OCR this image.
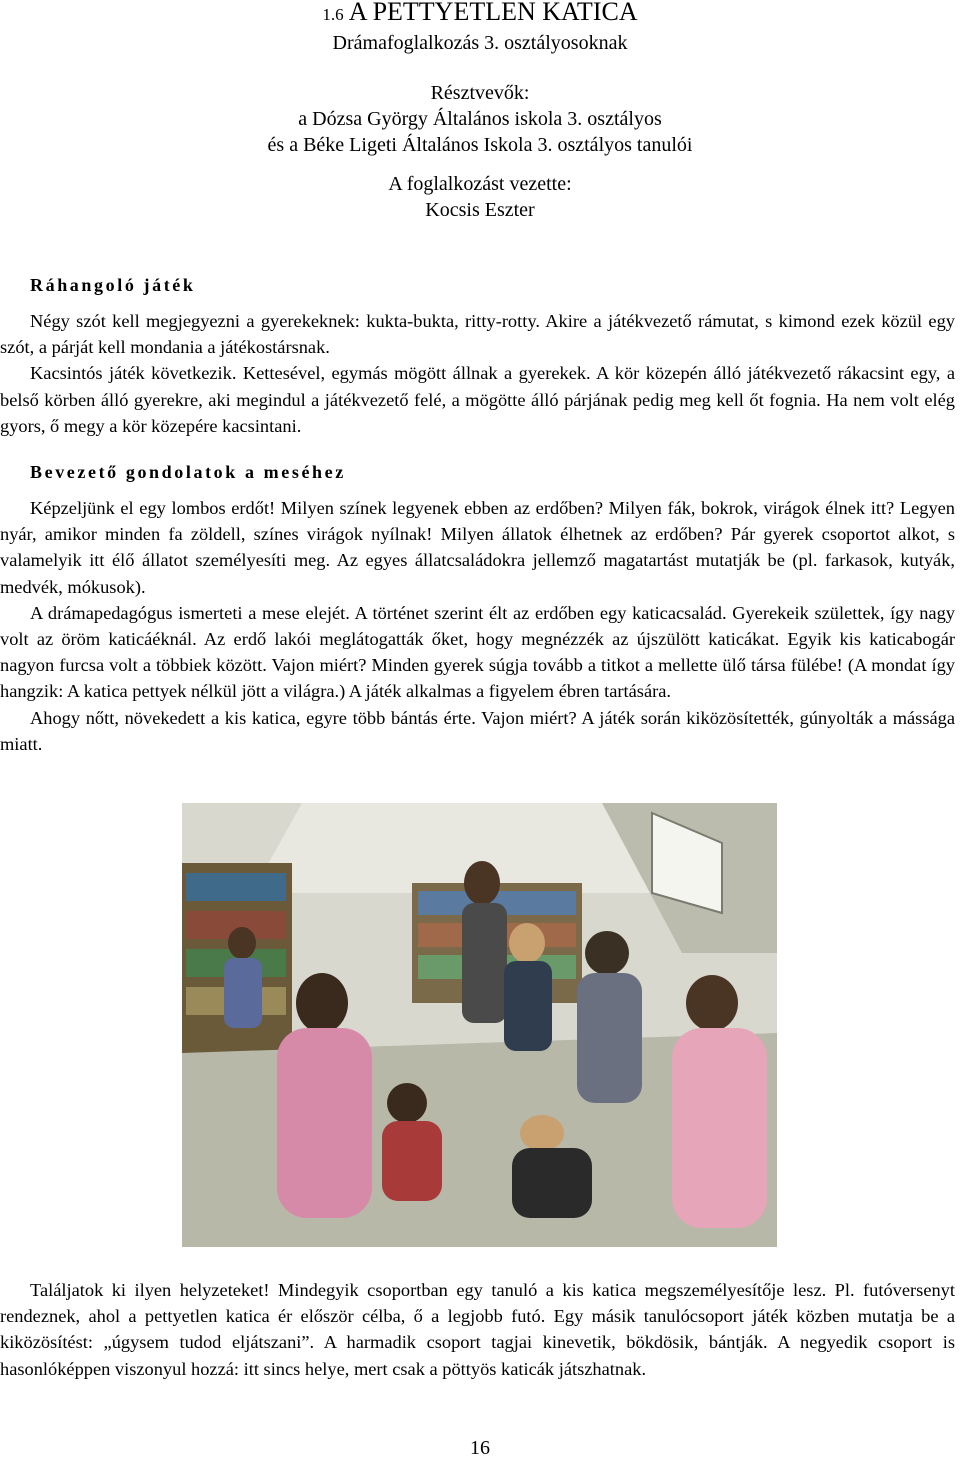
1.6 A PETTYETLEN KATICA
Drámafoglalkozás 3. osztályosoknak
Résztvevők:
a Dózsa György Általános iskola 3. osztályos
és a Béke Ligeti Általános Iskola 3. osztályos tanulói
A foglalkozást vezette:
Kocsis Eszter
Ráhangoló játék

Négy szót kell megjegyezni a gyerekeknek: kukta-bukta, ritty-rotty. Akire a játékvezető rámutat, s kimond ezek közül egy szót, a párját kell mondania a játékostársnak.

Kacsintós játék következik. Kettesével, egymás mögött állnak a gyerekek. A kör közepén álló játékvezető rákacsint egy, a belső körben álló gyerekre, aki megindul a játékvezető felé, a mögötte álló párjának pedig meg kell őt fognia. Ha nem volt elég gyors, ő megy a kör közepére kacsintani.

Bevezető gondolatok a meséhez

Képzeljünk el egy lombos erdőt! Milyen színek legyenek ebben az erdőben? Milyen fák, bokrok, virágok élnek itt? Legyen nyár, amikor minden fa zöldell, színes virágok nyílnak! Milyen állatok élhetnek az erdőben? Pár gyerek csoportot alkot, s valamelyik itt élő állatot személyesíti meg. Az egyes állatcsaládokra jellemző magatartást mutatják be (pl. farkasok, kutyák, medvék, mókusok).

A drámapedagógus ismerteti a mese elejét. A történet szerint élt az erdőben egy katicacsalád. Gyerekeik születtek, így nagy volt az öröm katicáéknál. Az erdő lakói meglátogatták őket, hogy megnézzék az újszülött katicákat. Egyik kis katicabogár nagyon furcsa volt a többiek között. Vajon miért? Minden gyerek súgja tovább a titkot a mellette ülő társa fülébe! (A mondat így hangzik: A katica pettyek nélkül jött a világra.) A játék alkalmas a figyelem ébren tartására.

Ahogy nőtt, növekedett a kis katica, egyre több bántás érte. Vajon miért? A játék során kiközösítették, gúnyolták a mássága miatt.

Találjatok ki ilyen helyzeteket! Mindegyik csoportban egy tanuló a kis katica megszemélyesítője lesz. Pl. futóversenyt rendeznek, ahol a pettyetlen katica ér először célba, ő a legjobb futó. Egy másik tanulócsoport játék közben mutatja be a kiközösítést: „úgysem tudod eljátszani”. A harmadik csoport tagjai kinevetik, bökdösik, bántják. A negyedik csoport is hasonlóképpen viszonyul hozzá: itt sincs helye, mert csak a pöttyös katicák játszhatnak.

16
